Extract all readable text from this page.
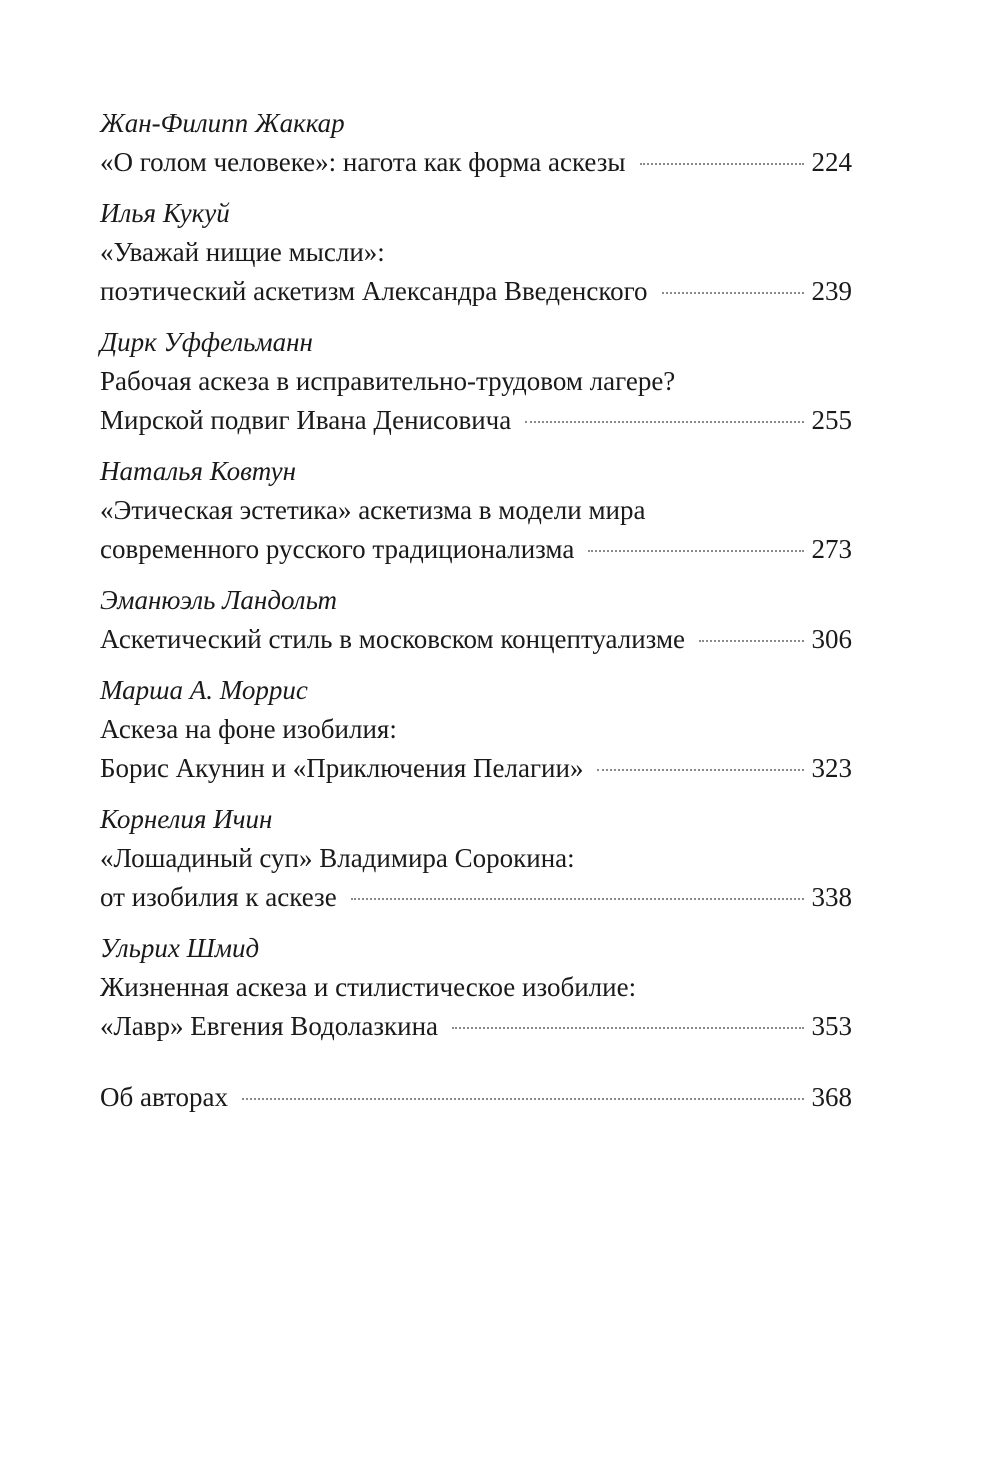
Жан-Филипп Жаккар
«О голом человеке»: нагота как форма аскезы	224
Илья Кукуй
«Уважай нищие мысли»:
поэтический аскетизм Александра Введенского	239
Дирк Уффельманн
Рабочая аскеза в исправительно-трудовом лагере?
Мирской подвиг Ивана Денисовича	255
Наталья Ковтун
«Этическая эстетика» аскетизма в модели мира
современного русского традиционализма	273
Эманюэль Ландольт
Аскетический стиль в московском концептуализме	306
Марша А. Моррис
Аскеза на фоне изобилия:
Борис Акунин и «Приключения Пелагии»	323
Корнелия Ичин
«Лошадиный суп» Владимира Сорокина:
от изобилия к аскезе	338
Ульрих Шмид
Жизненная аскеза и стилистическое изобилие:
«Лавр» Евгения Водолазкина	353
Об авторах	368
